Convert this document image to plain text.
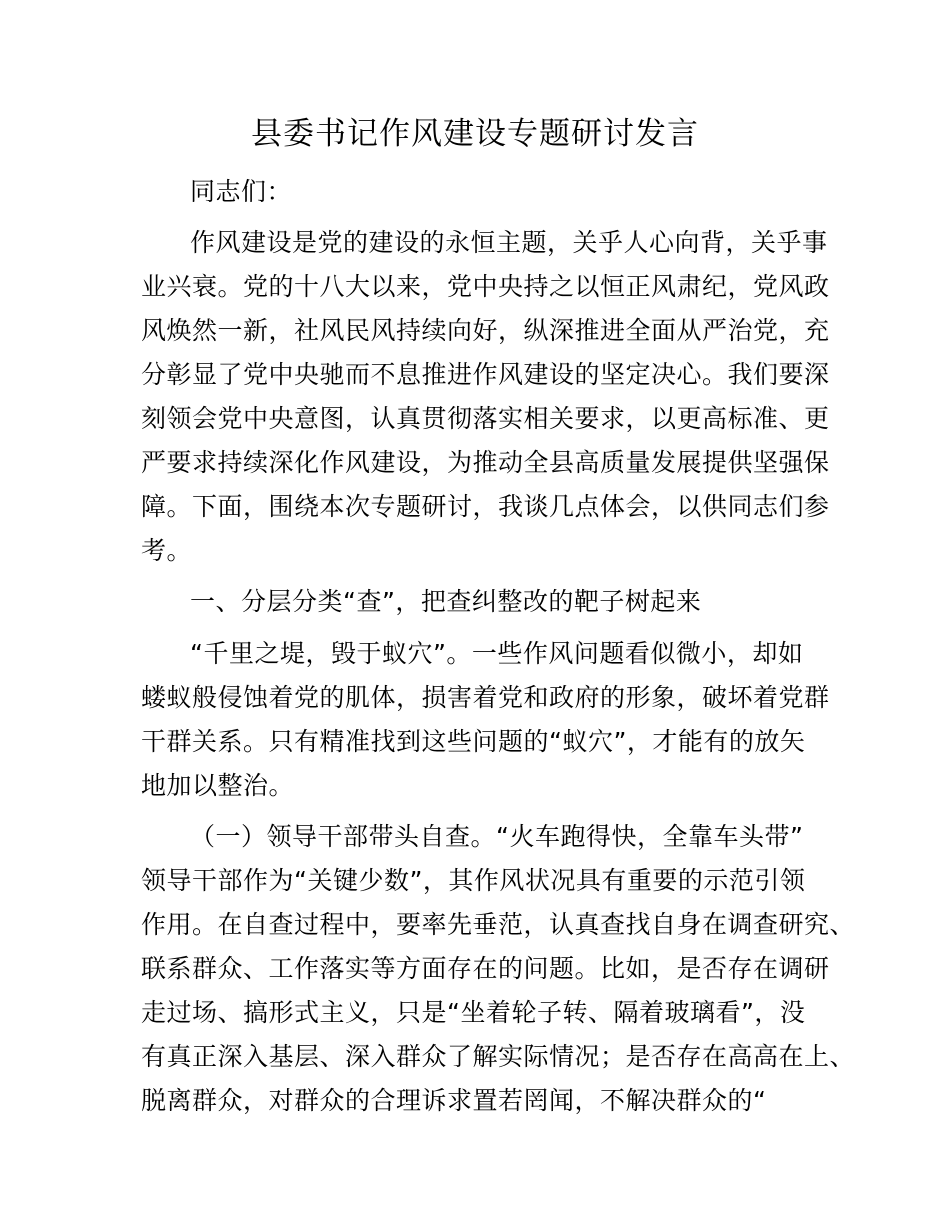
县委书记作风建设专题研讨发言
同志们：
作风建设是党的建设的永恒主题，关乎人心向背，关乎事
业兴衰。党的十八大以来，党中央持之以恒正风肃纪，党风政
风焕然一新，社风民风持续向好，纵深推进全面从严治党，充
分彰显了党中央驰而不息推进作风建设的坚定决心。我们要深
刻领会党中央意图，认真贯彻落实相关要求，以更高标准、更
严要求持续深化作风建设，为推动全县高质量发展提供坚强保
障。下面，围绕本次专题研讨，我谈几点体会，以供同志们参
考。
一、分层分类“查”，把查纠整改的靶子树起来
“千里之堤，毁于蚁穴”。一些作风问题看似微小，却如
蝼蚁般侵蚀着党的肌体，损害着党和政府的形象，破坏着党群
干群关系。只有精准找到这些问题的“蚁穴”，才能有的放矢
地加以整治。
（一）领导干部带头自查。“火车跑得快，全靠车头带”
领导干部作为“关键少数”，其作风状况具有重要的示范引领
作用。在自查过程中，要率先垂范，认真查找自身在调查研究、
联系群众、工作落实等方面存在的问题。比如，是否存在调研
走过场、搞形式主义，只是“坐着轮子转、隔着玻璃看”，没
有真正深入基层、深入群众了解实际情况；是否存在高高在上、
脱离群众，对群众的合理诉求置若罔闻，不解决群众的“
